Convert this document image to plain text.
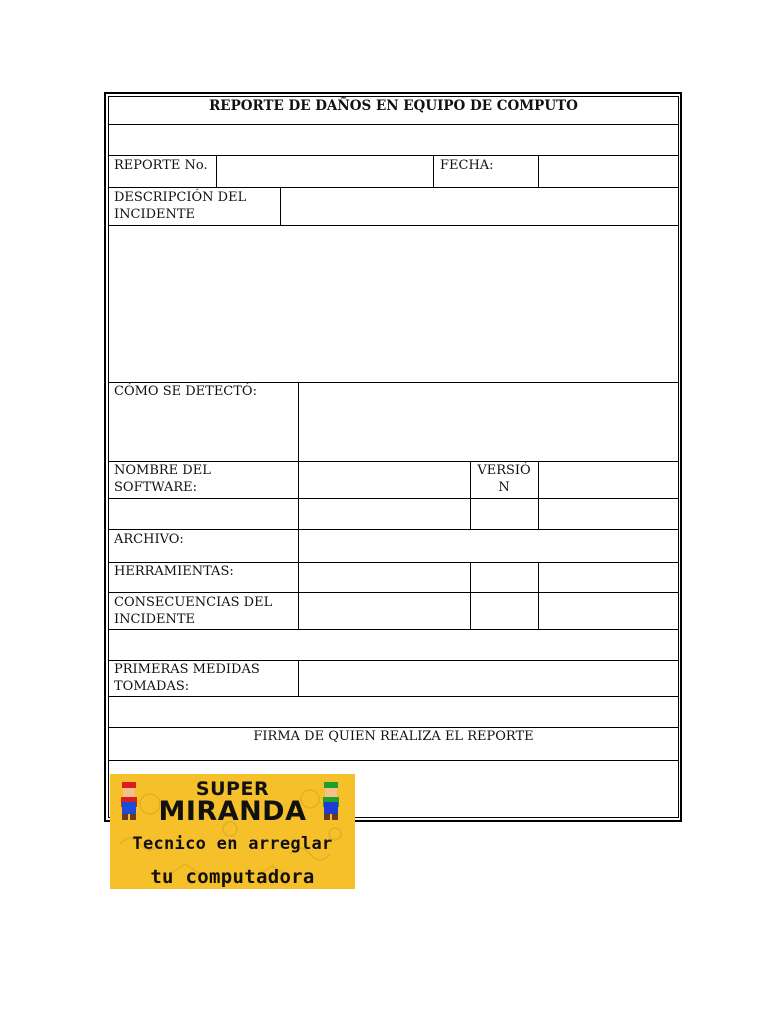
REPORTE DE DAÑOS EN EQUIPO DE COMPUTO
REPORTE No.	FECHA:
DESCRIPCIÓN DEL
INCIDENTE
CÓMO SE DETECTÓ:
NOMBRE DEL
SOFTWARE:
VERSIÓ
N
ARCHIVO:
HERRAMIENTAS:
CONSECUENCIAS DEL
INCIDENTE
PRIMERAS MEDIDAS
TOMADAS:
FIRMA DE QUIEN REALIZA EL REPORTE
SUPER
MIRANDA
Tecnico en arreglar
tu computadora
